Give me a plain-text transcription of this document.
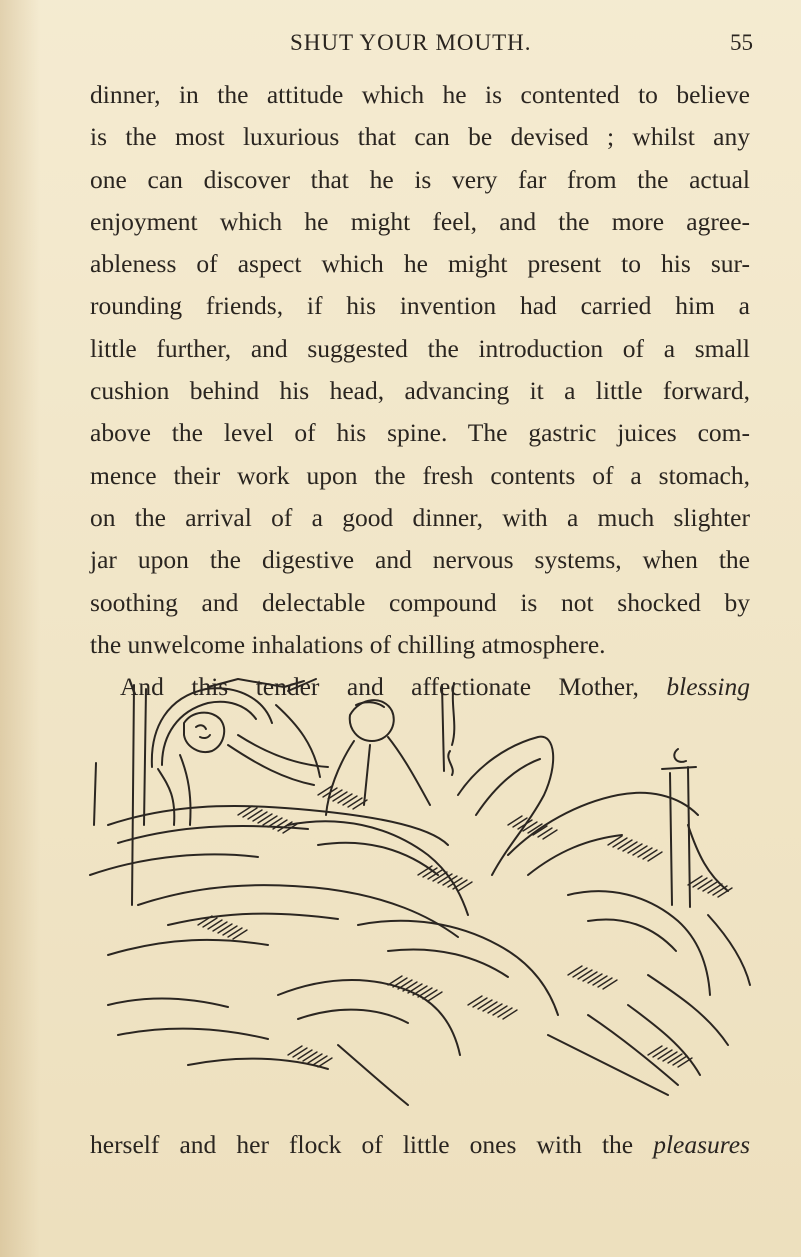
SHUT YOUR MOUTH.	55
dinner, in the attitude which he is contented to believe
is the most luxurious that can be devised ; whilst any
one can discover that he is very far from the actual
enjoyment which he might feel, and the more agree-
ableness of aspect which he might present to his sur-
rounding friends, if his invention had carried him a
little further, and suggested the introduction of a small
cushion behind his head, advancing it a little forward,
above the level of his spine. The gastric juices com-
mence their work upon the fresh contents of a stomach,
on the arrival of a good dinner, with a much slighter
jar upon the digestive and nervous systems, when the
soothing and delectable compound is not shocked by
the unwelcome inhalations of chilling atmosphere.
And this tender and affectionate Mother, blessing
herself and her flock of little ones with the pleasures
